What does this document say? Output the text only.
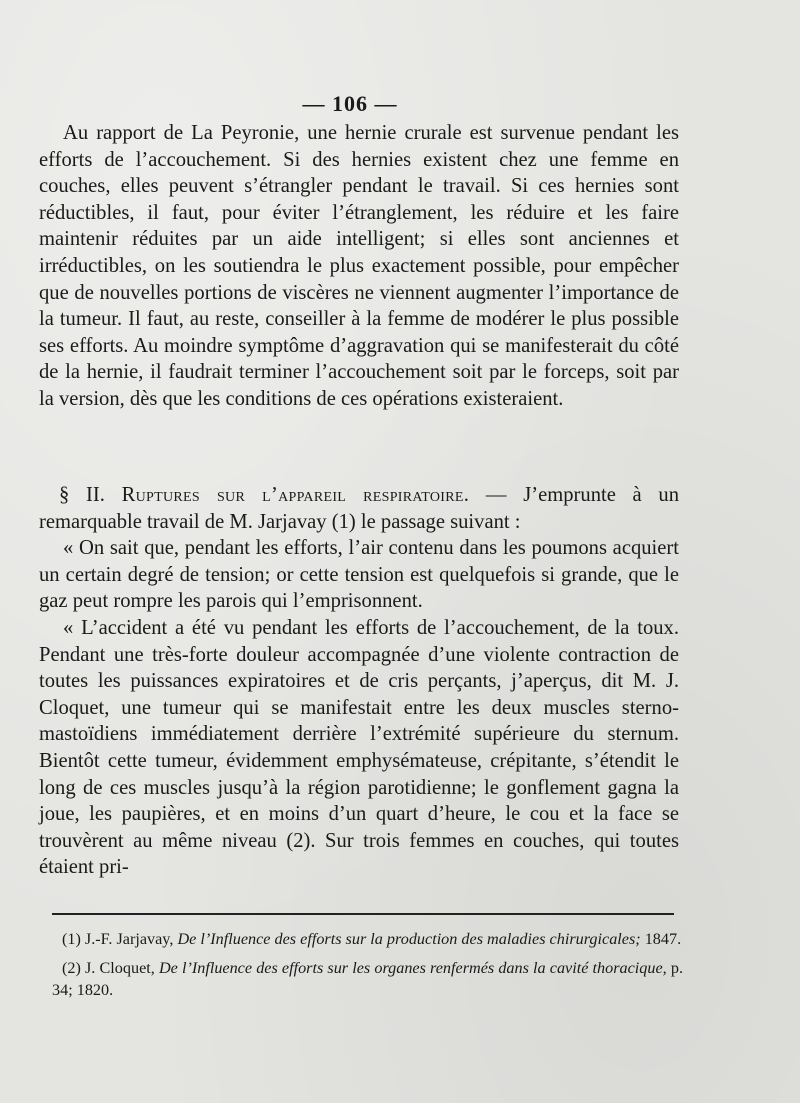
— 106 —

Au rapport de La Peyronie, une hernie crurale est survenue pendant les efforts de l’accouchement. Si des hernies existent chez une femme en couches, elles peuvent s’étrangler pendant le travail. Si ces hernies sont réductibles, il faut, pour éviter l’étranglement, les réduire et les faire maintenir réduites par un aide intelligent; si elles sont anciennes et irréductibles, on les soutiendra le plus exactement possible, pour empêcher que de nouvelles portions de viscères ne viennent augmenter l’importance de la tumeur. Il faut, au reste, conseiller à la femme de modérer le plus possible ses efforts. Au moindre symptôme d’aggravation qui se manifesterait du côté de la hernie, il faudrait terminer l’accouchement soit par le forceps, soit par la version, dès que les conditions de ces opérations existeraient.

§ II. Ruptures sur l’appareil respiratoire. — J’emprunte à un remarquable travail de M. Jarjavay (1) le passage suivant :

« On sait que, pendant les efforts, l’air contenu dans les poumons acquiert un certain degré de tension; or cette tension est quelquefois si grande, que le gaz peut rompre les parois qui l’emprisonnent.

« L’accident a été vu pendant les efforts de l’accouchement, de la toux. Pendant une très-forte douleur accompagnée d’une violente contraction de toutes les puissances expiratoires et de cris perçants, j’aperçus, dit M. J. Cloquet, une tumeur qui se manifestait entre les deux muscles sterno-mastoïdiens immédiatement derrière l’extrémité supérieure du sternum. Bientôt cette tumeur, évidemment emphysémateuse, crépitante, s’étendit le long de ces muscles jusqu’à la région parotidienne; le gonflement gagna la joue, les paupières, et en moins d’un quart d’heure, le cou et la face se trouvèrent au même niveau (2). Sur trois femmes en couches, qui toutes étaient pri-

(1) J.-F. Jarjavay, De l’Influence des efforts sur la production des maladies chirurgicales; 1847.

(2) J. Cloquet, De l’Influence des efforts sur les organes renfermés dans la cavité thoracique, p. 34; 1820.
